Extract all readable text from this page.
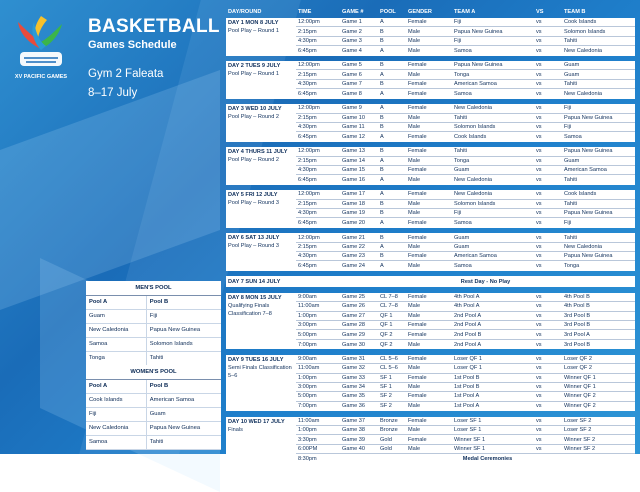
XV PACIFIC GAMES
BASKETBALL
Games Schedule
Gym 2 Faleata
8–17 July
MEN'S POOL	
Pool A	Pool B
Guam	Fiji
New Caledonia	Papua New Guinea
Samoa	Solomon Islands
Tonga	Tahiti
WOMEN'S POOL	
Pool A	Pool B
Cook Islands	American Samoa
Fiji	Guam
New Caledonia	Papua New Guinea
Samoa	Tahiti
DAY/ROUND	TIME	GAME #	POOL	GENDER	TEAM A	VS	TEAM B
DAY 1 MON 8 JULY
Pool Play – Round 1
12:00pm	Game 1	A	Female	Fiji	vs	Cook Islands
2:15pm	Game 2	B	Male	Papua New Guinea	vs	Solomon Islands
4:30pm	Game 3	B	Male	Fiji	vs	Tahiti
6:45pm	Game 4	A	Male	Samoa	vs	New Caledonia
DAY 2 TUES 9 JULY
Pool Play – Round 1
12:00pm	Game 5	B	Female	Papua New Guinea	vs	Guam
2:15pm	Game 6	A	Male	Tonga	vs	Guam
4:30pm	Game 7	B	Female	American Samoa	vs	Tahiti
6:45pm	Game 8	A	Female	Samoa	vs	New Caledonia
DAY 3 WED 10 JULY
Pool Play – Round 2
12:00pm	Game 9	A	Female	New Caledonia	vs	Fiji
2:15pm	Game 10	B	Male	Tahiti	vs	Papua New Guinea
4:30pm	Game 11	B	Male	Solomon Islands	vs	Fiji
6:45pm	Game 12	A	Female	Cook Islands	vs	Samoa
DAY 4 THURS 11 JULY
Pool Play – Round 2
12:00pm	Game 13	B	Female	Tahiti	vs	Papua New Guinea
2:15pm	Game 14	A	Male	Tonga	vs	Guam
4:30pm	Game 15	B	Female	Guam	vs	American Samoa
6:45pm	Game 16	A	Male	New Caledonia	vs	Tahiti
DAY 5 FRI 12 JULY
Pool Play – Round 3
12:00pm	Game 17	A	Female	New Caledonia	vs	Cook Islands
2:15pm	Game 18	B	Male	Solomon Islands	vs	Tahiti
4:30pm	Game 19	B	Male	Fiji	vs	Papua New Guinea
6:45pm	Game 20	A	Female	Samoa	vs	Fiji
DAY 6 SAT 13 JULY
Pool Play – Round 3
12:00pm	Game 21	B	Female	Guam	vs	Tahiti
2:15pm	Game 22	A	Male	Guam	vs	New Caledonia
4:30pm	Game 23	B	Female	American Samoa	vs	Papua New Guinea
6:45pm	Game 24	A	Male	Samoa	vs	Tonga
DAY 7 SUN 14 JULY	Rest Day - No Play
DAY 8 MON 15 JULY
Qualifying Finals Classification 7–8
9:00am	Game 25	CL 7–8	Female	4th Pool A	vs	4th Pool B
11:00am	Game 26	CL 7–8	Male	4th Pool A	vs	4th Pool B
1:00pm	Game 27	QF 1	Male	2nd Pool A	vs	3rd Pool B
3:00pm	Game 28	QF 1	Female	2nd Pool A	vs	3rd Pool B
5:00pm	Game 29	QF 2	Female	2nd Pool B	vs	3rd Pool A
7:00pm	Game 30	QF 2	Male	2nd Pool A	vs	3rd Pool B
DAY 9 TUES 16 JULY
Semi Finals Classification 5–6
9:00am	Game 31	CL 5–6	Female	Loser QF 1	vs	Loser QF 2
11:00am	Game 32	CL 5–6	Male	Loser QF 1	vs	Loser QF 2
1:00pm	Game 33	SF 1	Female	1st Pool B	vs	Winner QF 1
3:00pm	Game 34	SF 1	Male	1st Pool B	vs	Winner QF 1
5:00pm	Game 35	SF 2	Female	1st Pool A	vs	Winner QF 2
7:00pm	Game 36	SF 2	Male	1st Pool A	vs	Winner QF 2
DAY 10 WED 17 JULY
Finals
11:00am	Game 37	Bronze	Female	Loser SF 1	vs	Loser SF 2
1:00pm	Game 38	Bronze	Male	Loser SF 1	vs	Loser SF 2
3:30pm	Game 39	Gold	Female	Winner SF 1	vs	Winner SF 2
6:00PM	Game 40	Gold	Male	Winner SF 1	vs	Winner SF 2
8:30pm	Medal Ceremonies
